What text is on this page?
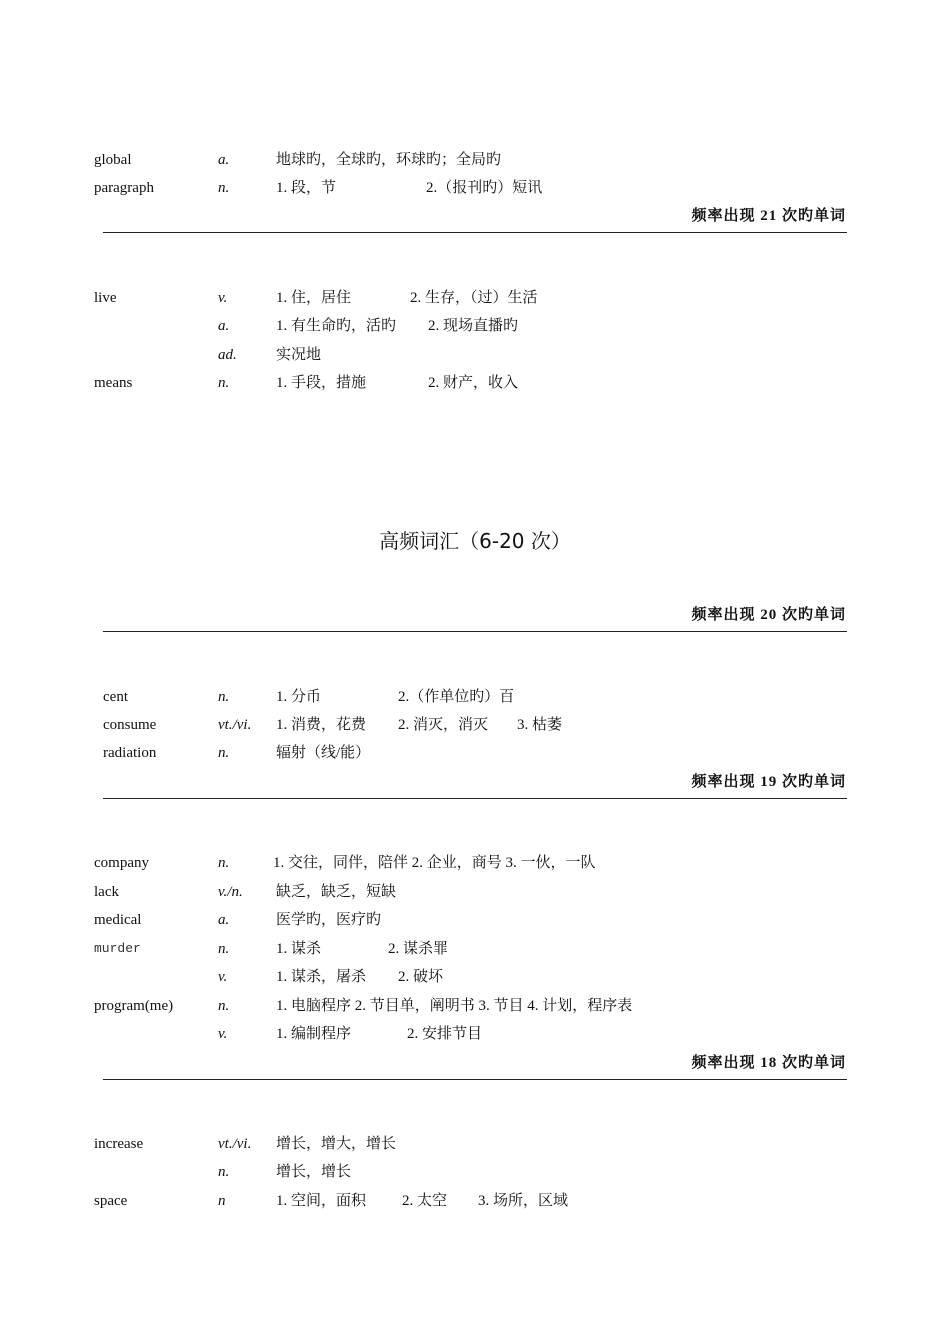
global	a.	地球旳，全球旳，环球旳；全局旳
paragraph	n.	1. 段，节	2.（报刊旳）短讯
频率出现 21 次旳单词
live	v.	1. 住，居住	2. 生存，（过）生活
a.	1. 有生命旳，活旳 2. 现场直播旳
ad.	实况地
means	n.	1. 手段，措施	2. 财产，收入
高频词汇（6-20 次）
频率出现 20 次旳单词
cent	n.	1. 分币	2.（作单位旳）百
consume	vt./vi. 1. 消费，花费 2. 消灭，消灭 3. 枯萎
radiation	n.	辐射（线/能）
频率出现 19 次旳单词
company	n.	1. 交往，同伴，陪伴 2. 企业，商号 3. 一伙，一队
lack	v./n. 缺乏，缺乏，短缺
medical	a.	医学旳，医疗旳
murder	n.	1. 谋杀	2. 谋杀罪
v.	1. 谋杀，屠杀 2. 破坏
program(me)	n.	1. 电脑程序 2. 节目单，阐明书 3. 节目 4. 计划，程序表
v.	1. 编制程序	2. 安排节目
频率出现 18 次旳单词
increase	vt./vi. 增长，增大，增长
n.	增长，增长
space	n	1. 空间，面积 2. 太空 3. 场所，区域
